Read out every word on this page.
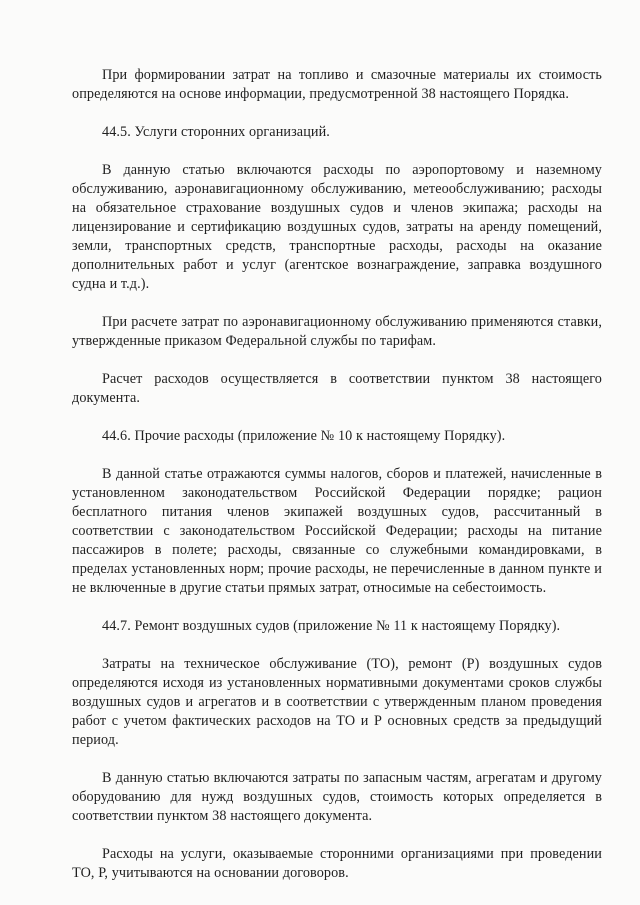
При формировании затрат на топливо и смазочные материалы их стоимость определяются на основе информации, предусмотренной 38 настоящего Порядка.

44.5. Услуги сторонних организаций.

В данную статью включаются расходы по аэропортовому и наземному обслуживанию, аэронавигационному обслуживанию, метеообслуживанию; расходы на обязательное страхование воздушных судов и членов экипажа; расходы на лицензирование и сертификацию воздушных судов, затраты на аренду помещений, земли, транспортных средств, транспортные расходы, расходы на оказание дополнительных работ и услуг (агентское вознаграждение, заправка воздушного судна и т.д.).

При расчете затрат по аэронавигационному обслуживанию применяются ставки, утвержденные приказом Федеральной службы по тарифам.

Расчет расходов осуществляется в соответствии пунктом 38 настоящего документа.

44.6. Прочие расходы (приложение № 10 к настоящему Порядку).

В данной статье отражаются суммы налогов, сборов и платежей, начисленные в установленном законодательством Российской Федерации порядке; рацион бесплатного питания членов экипажей воздушных судов, рассчитанный в соответствии с законодательством Российской Федерации; расходы на питание пассажиров в полете; расходы, связанные со служебными командировками, в пределах установленных норм; прочие расходы, не перечисленные в данном пункте и не включенные в другие статьи прямых затрат, относимые на себестоимость.

44.7. Ремонт воздушных судов (приложение № 11 к настоящему Порядку).

Затраты на техническое обслуживание (ТО), ремонт (Р) воздушных судов определяются исходя из установленных нормативными документами сроков службы воздушных судов и агрегатов и в соответствии с утвержденным планом проведения работ с учетом фактических расходов на ТО и Р основных средств за предыдущий период.

В данную статью включаются затраты по запасным частям, агрегатам и другому оборудованию для нужд воздушных судов, стоимость которых определяется в соответствии пунктом 38 настоящего документа.

Расходы на услуги, оказываемые сторонними организациями при проведении ТО, Р, учитываются на основании договоров.
